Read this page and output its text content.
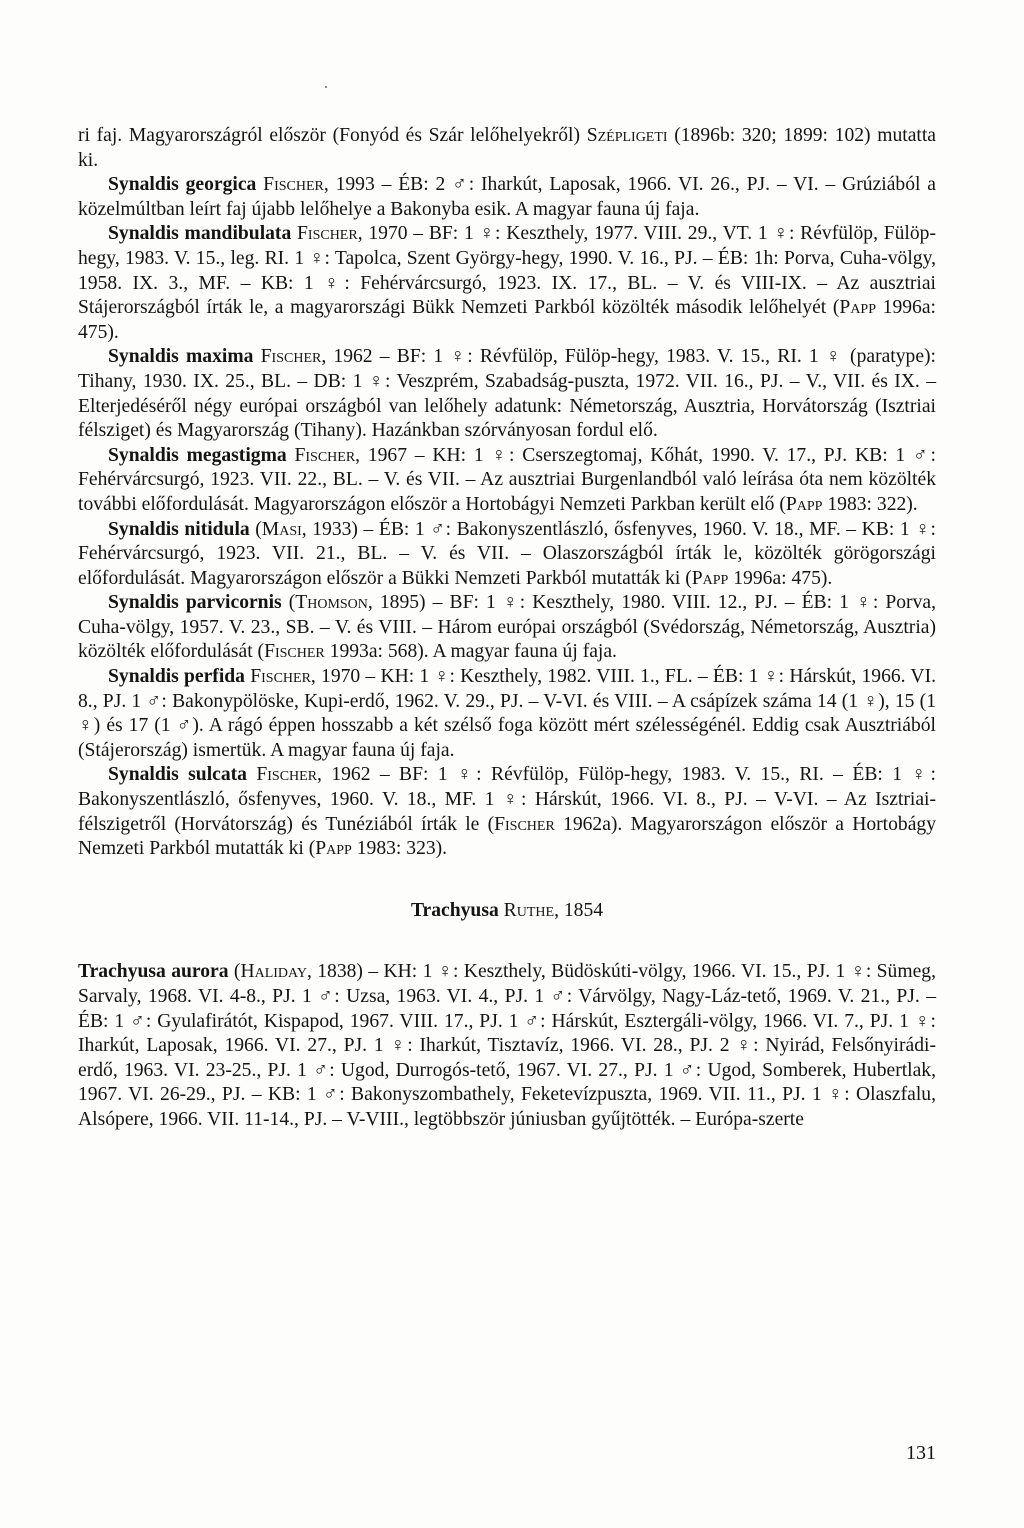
ri faj. Magyarországról először (Fonyód és Szár lelőhelyekről) Szépligeti (1896b: 320; 1899: 102) mutatta ki.

Synaldis georgica Fischer, 1993 – ÉB: 2 ♂: Iharkút, Laposak, 1966. VI. 26., PJ. – VI. – Grúziából a közelmúltban leírt faj újabb lelőhelye a Bakonyba esik. A magyar fauna új faja.

Synaldis mandibulata Fischer, 1970 – BF: 1 ♀: Keszthely, 1977. VIII. 29., VT. 1 ♀: Révfülöp, Fülöp-hegy, 1983. V. 15., leg. RI. 1 ♀: Tapolca, Szent György-hegy, 1990. V. 16., PJ. – ÉB: 1h: Porva, Cuha-völgy, 1958. IX. 3., MF. – KB: 1 ♀: Fehérvárcsurgó, 1923. IX. 17., BL. – V. és VIII-IX. – Az ausztriai Stájerországból írták le, a magyarországi Bükk Nemzeti Parkból közölték második lelőhelyét (Papp 1996a: 475).

Synaldis maxima Fischer, 1962 – BF: 1 ♀: Révfülöp, Fülöp-hegy, 1983. V. 15., RI. 1 ♀ (paratype): Tihany, 1930. IX. 25., BL. – DB: 1 ♀: Veszprém, Szabadság-puszta, 1972. VII. 16., PJ. – V., VII. és IX. – Elterjedéséről négy európai országból van lelőhely adatunk: Németország, Ausztria, Horvátország (Isztriai félsziget) és Magyarország (Tihany). Hazánkban szórványosan fordul elő.

Synaldis megastigma Fischer, 1967 – KH: 1 ♀: Cserszegtomaj, Kőhát, 1990. V. 17., PJ. KB: 1 ♂: Fehérvárcsurgó, 1923. VII. 22., BL. – V. és VII. – Az ausztriai Burgenlandból való leírása óta nem közölték további előfordulását. Magyarországon először a Hortobágyi Nemzeti Parkban került elő (Papp 1983: 322).

Synaldis nitidula (Masi, 1933) – ÉB: 1 ♂: Bakonyszentlászló, ősfenyves, 1960. V. 18., MF. – KB: 1 ♀: Fehérvárcsurgó, 1923. VII. 21., BL. – V. és VII. – Olaszországból írták le, közölték görögországi előfordulását. Magyarországon először a Bükki Nemzeti Parkból mutatták ki (Papp 1996a: 475).

Synaldis parvicornis (Thomson, 1895) – BF: 1 ♀: Keszthely, 1980. VIII. 12., PJ. – ÉB: 1 ♀: Porva, Cuha-völgy, 1957. V. 23., SB. – V. és VIII. – Három európai országból (Svédország, Németország, Ausztria) közölték előfordulását (Fischer 1993a: 568). A magyar fauna új faja.

Synaldis perfida Fischer, 1970 – KH: 1 ♀: Keszthely, 1982. VIII. 1., FL. – ÉB: 1 ♀: Hárskút, 1966. VI. 8., PJ. 1 ♂: Bakonypölöske, Kupi-erdő, 1962. V. 29., PJ. – V-VI. és VIII. – A csápízek száma 14 (1 ♀), 15 (1 ♀) és 17 (1 ♂). A rágó éppen hosszabb a két szélső foga között mért szélességénél. Eddig csak Ausztriából (Stájerország) ismertük. A magyar fauna új faja.

Synaldis sulcata Fischer, 1962 – BF: 1 ♀: Révfülöp, Fülöp-hegy, 1983. V. 15., RI. – ÉB: 1 ♀: Bakonyszentlászló, ősfenyves, 1960. V. 18., MF. 1 ♀: Hárskút, 1966. VI. 8., PJ. – V-VI. – Az Isztriai-félszigetről (Horvátország) és Tunéziából írták le (Fischer 1962a). Magyarországon először a Hortobágy Nemzeti Parkból mutatták ki (Papp 1983: 323).

Trachyusa Ruthe, 1854

Trachyusa aurora (Haliday, 1838) – KH: 1 ♀: Keszthely, Büdöskúti-völgy, 1966. VI. 15., PJ. 1 ♀: Sümeg, Sarvaly, 1968. VI. 4-8., PJ. 1 ♂: Uzsa, 1963. VI. 4., PJ. 1 ♂: Várvölgy, Nagy-Láz-tető, 1969. V. 21., PJ. – ÉB: 1 ♂: Gyulafirátót, Kispapod, 1967. VIII. 17., PJ. 1 ♂: Hárskút, Esztergáli-völgy, 1966. VI. 7., PJ. 1 ♀: Iharkút, Laposak, 1966. VI. 27., PJ. 1 ♀: Iharkút, Tisztavíz, 1966. VI. 28., PJ. 2 ♀: Nyirád, Felsőnyirádi-erdő, 1963. VI. 23-25., PJ. 1 ♂: Ugod, Durrogós-tető, 1967. VI. 27., PJ. 1 ♂: Ugod, Somberek, Hubertlak, 1967. VI. 26-29., PJ. – KB: 1 ♂: Bakonyszombathely, Feketevízpuszta, 1969. VII. 11., PJ. 1 ♀: Olaszfalu, Alsópere, 1966. VII. 11-14., PJ. – V-VIII., legtöbbször júniusban gyűjtötték. – Európa-szerte

131
